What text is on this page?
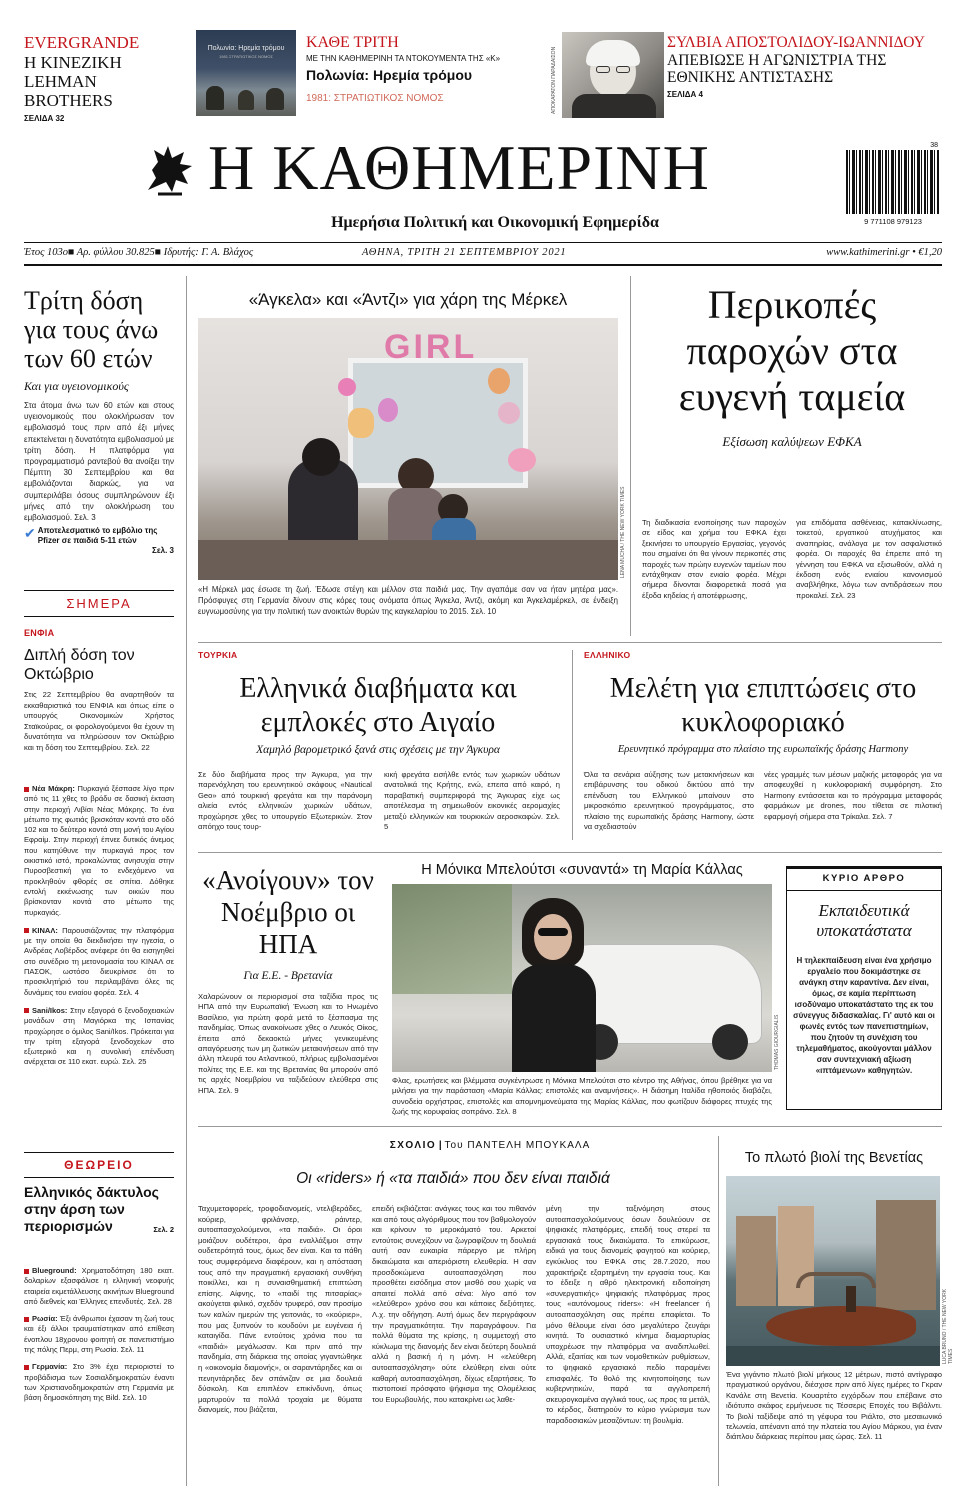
EVERGRANDE
Η ΚΙΝΕΖΙΚΗ LEHMAN BROTHERS
ΣΕΛΙΔΑ 32
Πολωνία: Ηρεμία τρόμου
1981 ΣΤΡΑΤΙΩΤΙΚΟΣ ΝΟΜΟΣ
ΚΑΘΕ ΤΡΙΤΗ
ΜΕ ΤΗΝ ΚΑΘΗΜΕΡΙΝΗ ΤΑ ΝΤΟΚΟΥΜΕΝΤΑ ΤΗΣ «Κ»
Πολωνία: Ηρεμία τρόμου
1981: ΣΤΡΑΤΙΩΤΙΚΟΣ ΝΟΜΟΣ	ΑΠΟΚΑΡΑΤΟΝ ΠΑΡΑΔΑΙΣΟΝ
ΣΥΛΒΙΑ ΑΠΟΣΤΟΛΙΔΟΥ-ΙΩΑΝΝΙΔΟΥ
ΑΠΕΒΙΩΣΕ Η ΑΓΩΝΙΣΤΡΙΑ ΤΗΣ ΕΘΝΙΚΗΣ ΑΝΤΙΣΤΑΣΗΣ
ΣΕΛΙΔΑ 4
Η ΚΑΘΗΜΕΡΙΝΗ
Ημερήσια Πολιτική και Οικονομική Εφημερίδα
38
9 771108 979123
Έτος 103ο■ Αρ. φύλλου 30.825■ Ιδρυτής: Γ. Α. Βλάχος	ΑΘΗΝΑ, ΤΡΙΤΗ 21 ΣΕΠΤΕΜΒΡΙΟΥ 2021	www.kathimerini.gr • €1,20
Τρίτη δόση για τους άνω των 60 ετών
Και για υγειονομικούς
Στα άτομα άνω των 60 ετών και στους υγειονομικούς που ολοκλήρωσαν τον εμβολιασμό τους πριν από έξι μήνες επεκτείνεται η δυνατότητα εμβολιασμού με τρίτη δόση. Η πλατφόρμα για προγραμματισμό ραντεβού θα ανοίξει την Πέμπτη 30 Σεπτεμβρίου και θα εμβολιάζονται διαρκώς, για να συμπεριλάβει όσους συμπληρώνουν έξι μήνες από την ολοκλήρωση του εμβολιασμού. Σελ. 3
✔ Αποτελεσματικό το εμβόλιο της Pfizer σε παιδιά 5-11 ετών
Σελ. 3
ΣΗΜΕΡΑ
ΕΝΦΙΑ
Διπλή δόση τον Οκτώβριο
Στις 22 Σεπτεμβρίου θα αναρτηθούν τα εκκαθαριστικά του ΕΝΦΙΑ και όπως είπε ο υπουργός Οικονομικών Χρήστος Σταϊκούρας, οι φορολογούμενοι θα έχουν τη δυνατότητα να πληρώσουν τον Οκτώβριο και τη δόση του Σεπτεμβρίου. Σελ. 22
Νέα Μάκρη: Πυρκαγιά ξέσπασε λίγο πριν από τις 11 χθες το βράδυ σε δασική έκταση στην περιοχή Λιβίσι Νέας Μάκρης. Το ένα μέτωπο της φωτιάς βρισκόταν κοντά στο οδό 102 και το δεύτερο κοντά στη μονή του Αγίου Εφραίμ. Στην περιοχή έπνεε δυτικός άνεμος που κατηύθυνε την πυρκαγιά προς τον οικιστικό ιστό, προκαλώντας ανησυχία στην Πυροσβεστική για το ενδεχόμενο να προκληθούν φθορές σε σπίτια. Δόθηκε εντολή εκκένωσης των οικιών που βρίσκονταν κοντά στο μέτωπο της πυρκαγιάς.
ΚΙΝΑΛ: Παρουσιάζοντας την πλατφόρμα με την οποία θα διεκδικήσει την ηγεσία, ο Ανδρέας Λοβέρδος ανέφερε ότι θα εισηγηθεί στο συνέδριο τη μετονομασία του ΚΙΝΑΛ σε ΠΑΣΟΚ, ωστόσο διευκρίνισε ότι το προσκλητήριό του περιλαμβάνει όλες τις δυνάμεις του ενιαίου φορέα. Σελ. 4
Sani/Ikos: Στην εξαγορά 6 ξενοδοχειακών μονάδων στη Μαγιόρκα της Ισπανίας προχώρησε ο όμιλος Sani/Ikos. Πρόκειται για την τρίτη εξαγορά ξενοδοχείων στο εξωτερικό και η συνολική επένδυση ανέρχεται σε 110 εκατ. ευρώ. Σελ. 25
ΘΕΩΡΕΙΟ
Ελληνικός δάκτυλος στην άρση των περιορισμών	Σελ. 2
Blueground: Χρηματοδότηση 180 εκατ. δολαρίων εξασφάλισε η ελληνική νεοφυής εταιρεία εκμετάλλευσης ακινήτων Blueground από διεθνείς και Έλληνες επενδυτές. Σελ. 28
Ρωσία: Έξι άνθρωποι έχασαν τη ζωή τους και έξι άλλοι τραυματίστηκαν από επίθεση ένοπλου 18χρονου φοιτητή σε πανεπιστήμιο της πόλης Περμ, στη Ρωσία. Σελ. 11
Γερμανία: Στο 3% έχει περιοριστεί το προβάδισμα των Σοσιαλδημοκρατών έναντι των Χριστιανοδημοκρατών στη Γερμανία με βάση δημοσκόπηση της Bild. Σελ. 10
«Άγκελα» και «Άντζι» για χάρη της Μέρκελ
GIRL
LENA MUCHA / THE NEW YORK TIMES
«Η Μέρκελ μας έσωσε τη ζωή. Έδωσε στέγη και μέλλον στα παιδιά μας. Την αγαπάμε σαν να ήταν μητέρα μας». Πρόσφυγες στη Γερμανία δίνουν στις κόρες τους ονόματα όπως Άγκελα, Άντζι, ακόμη και Άγκελαμέρκελ, σε ένδειξη ευγνωμοσύνης για την πολιτική των ανοικτών θυρών της καγκελαρίου το 2015. Σελ. 10
Περικοπές παροχών στα ευγενή ταμεία
Εξίσωση καλύψεων ΕΦΚΑ
Τη διαδικασία ενοποίησης των παροχών σε είδος και χρήμα του ΕΦΚΑ έχει ξεκινήσει το υπουργείο Εργασίας, γεγονός που σημαίνει ότι θα γίνουν περικοπές στις παροχές των πρώην ευγενών ταμείων που εντάχθηκαν στον ενιαίο φορέα. Μέχρι σήμερα δίνονται διαφορετικά ποσά για έξοδα κηδείας ή αποτέφρωσης,
για επιδόματα ασθένειας, κατακλίνωσης, τοκετού, εργατικού ατυχήματος και αναπηρίας, ανάλογα με τον ασφαλιστικό φορέα. Οι παροχές θα έπρεπε από τη γέννηση του ΕΦΚΑ να εξισωθούν, αλλά η έκδοση ενός ενιαίου κανονισμού αναβλήθηκε, λόγω των αντιδράσεων που προκαλεί. Σελ. 23
ΤΟΥΡΚΙΑ
Ελληνικά διαβήματα και εμπλοκές στο Αιγαίο
Χαμηλό βαρομετρικό ξανά στις σχέσεις με την Άγκυρα
Σε δύο διαβήματα προς την Άγκυρα, για την παρενόχληση του ερευνητικού σκάφους «Nautical Geo» από τουρκική φρεγάτα και την παράνομη αλιεία εντός ελληνικών χωρικών υδάτων, προχώρησε χθες το υπουργείο Εξωτερικών. Στον απόηχο τους τουρ-
κική φρεγάτα εισήλθε εντός των χωρικών υδάτων ανατολικά της Κρήτης, ενώ, επειτα από καιρό, η παραβατική συμπεριφορά της Άγκυρας είχε ως αποτέλεσμα τη σημειωθούν εικονικές αερομαχίες μεταξύ ελληνικών και τουρκικών αεροσκαφών. Σελ. 5
ΕΛΛΗΝΙΚΟ
Μελέτη για επιπτώσεις στο κυκλοφοριακό
Ερευνητικό πρόγραμμα στο πλαίσιο της ευρωπαϊκής δράσης Harmony
Όλα τα σενάρια αύξησης των μετακινήσεων και επιβάρυνσης του οδικού δικτύου από την επένδυση του Ελληνικού μπαίνουν στο μικροσκόπιο ερευνητικού προγράμματος, στο πλαίσιο της ευρωπαϊκής δράσης Harmony, ώστε να σχεδιαστούν
νέες γραμμές των μέσων μαζικής μεταφοράς για να αποφευχθεί η κυκλοφοριακή συμφόρηση. Στο Harmony εντάσσεται και το πρόγραμμα μεταφοράς φαρμάκων με drones, που τίθεται σε πιλοτική εφαρμογή σήμερα στα Τρίκαλα. Σελ. 7
«Ανοίγουν» τον Νοέμβριο οι ΗΠΑ
Για Ε.Ε. - Βρετανία
Χαλαρώνουν οι περιορισμοί στα ταξίδια προς τις ΗΠΑ από την Ευρωπαϊκή Ένωση και το Ηνωμένο Βασίλειο, για πρώτη φορά μετά το ξέσπασμα της πανδημίας. Όπως ανακοίνωσε χθες ο Λευκός Οίκος, έπειτα από δεκαοκτώ μήνες γενικευμένης απαγόρευσης των μη ζωτικών μετακινήσεων από την άλλη πλευρά του Ατλαντικού, πλήρως εμβολιασμένοι πολίτες της Ε.Ε. και της Βρετανίας θα μπορούν από τις αρχές Νοεμβρίου να ταξιδεύουν ελεύθερα στις ΗΠΑ. Σελ. 9
Η Μόνικα Μπελούτσι «συναντά» τη Μαρία Κάλλας
THOMAS GIOURGIALIS
Φλας, ερωτήσεις και βλέμματα συγκέντρωσε η Μόνικα Μπελούτσι στο κέντρο της Αθήνας, όπου βρέθηκε για να μιλήσει για την παράσταση «Μαρία Κάλλας: επιστολές και αναμνήσεις». Η διάσημη Ιταλίδα ηθοποιός διαβάζει, συνοδεία ορχήστρας, επιστολές και απομνημονεύματα της Μαρίας Κάλλας, που φωτίζουν διάφορες πτυχές της ζωής της κορυφαίας σοπράνο. Σελ. 8
ΚΥΡΙΟ ΑΡΘΡΟ
Εκπαιδευτικά υποκατάστατα
Η τηλεκπαίδευση είναι ένα χρήσιμο εργαλείο που δοκιμάστηκε σε ανάγκη στην καραντίνα. Δεν είναι, όμως, σε καμία περίπτωση ισοδύναμο υποκατάστατο της εκ του σύνεγγυς διδασκαλίας. Γι' αυτό και οι φωνές εντός των πανεπιστημίων, που ζητούν τη συνέχιση του τηλεμαθήματος, ακούγονται μάλλον σαν συντεχνιακή αξίωση «ιπτάμενων» καθηγητών.
ΣΧΟΛΙΟ | Του ΠΑΝΤΕΛΗ ΜΠΟΥΚΑΛΑ
Οι «riders» ή «τα παιδιά» που δεν είναι παιδιά
Ταχυμεταφορείς, τροφοδιανομείς, ντελιβεράδες, κούριερ, φριλάνσερ, ράιντερ, αυτοαπασχολούμενοι, «τα παιδιά». Οι όροι μοιάζουν ουδέτεροι, άρα εναλλάξιμοι στην ουδετερότητά τους, όμως δεν είναι. Και τα πάθη τους συμφερόμενα διαφέρουν, και η απόσταση τους από την πραγματική εργασιακή συνθήκη ποικίλλει, και η συναισθηματική επιπτώση επίσης. Αίφνης, το «παιδί της πιτσαρίας» ακούγεται φιλικό, σχεδόν τρυφερό, σαν προσίμο των καλών ημερών της γειτονιάς, το «κούριερ», που μας ξυπνούν το κουδούνι με ευγένεια ή καταιγίδα. Πάνε εντούτοις χρόνια που τα «παιδιά» μεγάλωσαν. Και πριν από την πανδημία, στη διάρκεια της οποίας γιγαντώθηκε η «οικονομία διαμονής», οι σαραντάρηδες και οι πενηντάρηδες δεν σπάνιζαν σε μια δουλειά δύσκολη. Και επιπλέον επικίνδυνη, όπως μαρτυρούν τα πολλά τροχαία με θύματα διανομείς, που βιάζεται,
επειδή εκβιάζεται: ανάγκες τους και του πιθανόν και από τους αλγόριθμους που τον βαθμολογούν και κρίνουν το μεροκάματό του. Αρκετοί εντούτοις συνεχίζουν να ζωγραφίζουν τη δουλειά αυτή σαν ευκαιρία πάρεργο με πλήρη δικαιώματα και απεριόριστη ελευθερία. Η σαν προσδοκώμενα αυτοαπασχόληση που προσθέτει εισόδημα στον μισθό σου χωρίς να απαιτεί πολλά από σένα: λίγο από τον «ελεύθερο» χρόνο σου και κάποιες δεξιότητες. Λ.χ. την οδήγηση. Αυτή όμως δεν περιγράφουν την πραγματικότητα. Την παραγράφουν. Για πολλά θύματα της κρίσης, η συμμετοχή στο κύκλωμα της διανομής δεν είναι δεύτερη δουλειά αλλά η βασική ή η μόνη. Η «ελεύθερη αυτοαπασχόληση» ούτε ελεύθερη είναι ούτε καθαρή αυτοαπασχόληση, δίχως εξαρτήσεις. Το πιστοποιεί πρόσφατο ψήφισμα της Ολομέλειας του Ευρωβουλής, που κατακρίνει ως λαθε-
μένη την ταξινόμηση στους αυτοαπασχολούμενους όσων δουλεύουν σε ψηφιακές πλατφόρμες, επειδή τους στερεί τα εργασιακά τους δικαιώματα. Το επικύρωσε, ειδικά για τους διανομείς φαγητού και κούριερ, εγκύκλιος του ΕΦΚΑ στις 28.7.2020, που χαρακτήριζε εξαρτημένη την εργασία τους. Και το έδειξε η αθρό ηλεκτρονική ειδοποίηση «συνεργατικής» ψηφιακής πλατφόρμας προς τους «αυτόνομους riders»: «Η freelancer ή αυτοαπασχόληση σας πρέπει επαφίεται. Το μόνο θέλουμε είναι όσο μεγαλύτερο ζευγάρι κινητά. Το ουσιαστικό κίνημα διαμαρτυρίας υποχρέωσε την πλατφόρμα να αναδιπλωθεί. Αλλά, εξαιτίας και των νομοθετικών ρυθμίσεων, το ψηφιακό εργασιακό πεδίο παραμένει επισφαλές. Το θολό της κινητοποίησης των κυβερνητικών, παρά τα αγγλοπρεπή σκευρογκαμένα αγγλικά τους, ως προς τα μετάλ, το κέρδος, διατηρούν το κύριο γνώρισμα των παραδοσιακών μεσαζόντων: τη βουλιμία.
Το πλωτό βιολί της Βενετίας
LUCA BRUNO / THE NEW YORK TIMES
Ένα γιγάντιο πλωτό βιολί μήκους 12 μέτρων, πιστό αντίγραφο πραγματικού οργάνου, διέσχισε πριν από λίγες ημέρες το Γκραν Κανάλε στη Βενετία. Κουαρτέτο εγχόρδων που επέβαινε στο ιδιότυπο σκάφος ερμήνευσε τις Τέσσερις Εποχές του Βιβάλντι. Το βιολί ταξίδεψε από τη γέφυρα του Ριάλτο, στο μεσαιωνικό τελωνεία, απέναντι από την πλατεία του Αγίου Μάρκου, για έναν διάπλου διάρκειας περίπου μιας ώρας. Σελ. 11
